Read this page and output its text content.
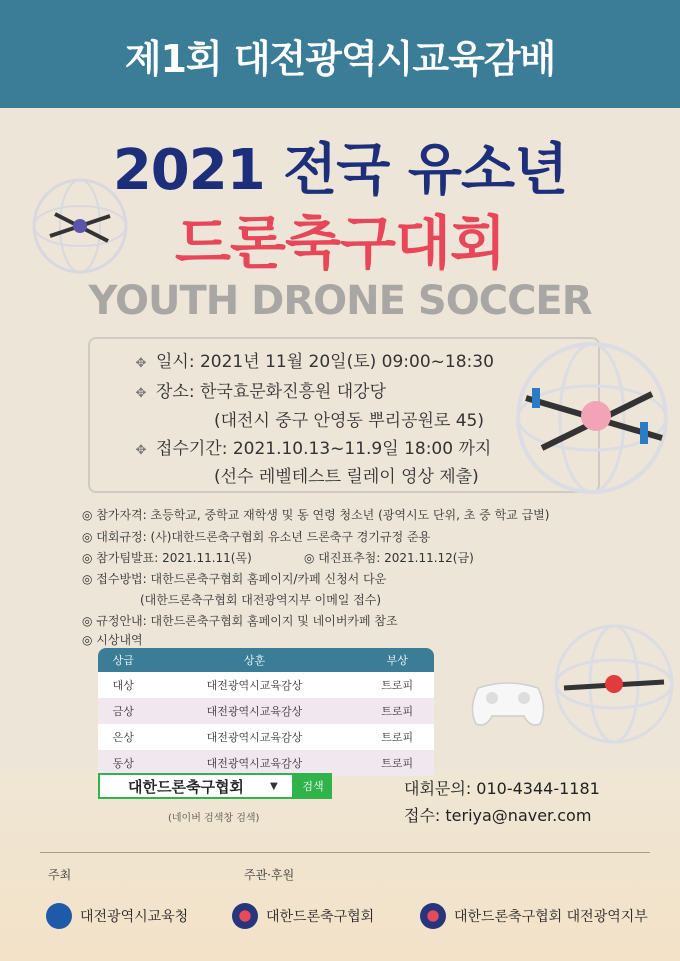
제1회 대전광역시교육감배
2021 전국 유소년
드론축구대회
YOUTH DRONE SOCCER
✥ 일시: 2021년 11월 20일(토) 09:00~18:30
✥ 장소: 한국효문화진흥원 대강당
(대전시 중구 안영동 뿌리공원로 45)
✥ 접수기간: 2021.10.13~11.9일 18:00 까지
(선수 레벨테스트 릴레이 영상 제출)
◎ 참가자격: 초등학교, 중학교 재학생 및 동 연령 청소년 (광역시도 단위, 초 중 학교 급별)
◎ 대회규정: (사)대한드론축구협회 유소년 드론축구 경기규정 준용
◎ 참가팀발표: 2021.11.11(목)	◎ 대진표추첨: 2021.11.12(금)
◎ 접수방법: 대한드론축구협회 홈페이지/카페 신청서 다운
(대한드론축구협회 대전광역지부 이메일 접수)
◎ 규정안내: 대한드론축구협회 홈페이지 및 네이버카페 참조
◎ 시상내역
상급	상훈	부상
대상	대전광역시교육감상	트로피
금상	대전광역시교육감상	트로피
은상	대전광역시교육감상	트로피
동상	대전광역시교육감상	트로피
대한드론축구협회	▼	검색
(네이버 검색창 검색)
대회문의: 010-4344-1181
접수: teriya@naver.com
주최	주관·후원
대전광역시교육청	대한드론축구협회	대한드론축구협회 대전광역지부
